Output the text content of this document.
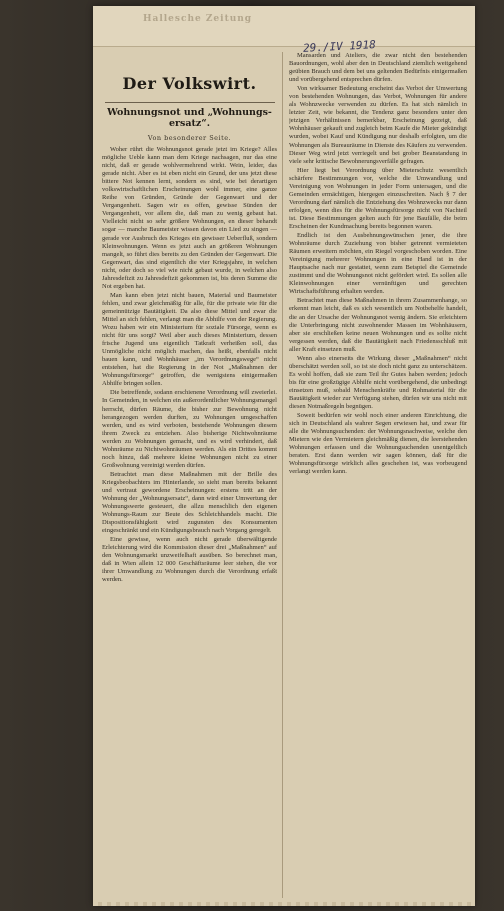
Hallesche Zeitung
29./IV 1918
Der Volkswirt.
Wohnungsnot und „Wohnungs-ersatz“.
Von besonderer Seite.

Woher rührt die Wohnungsnot gerade jetzt im Kriege? Alles mögliche Ueble kann man dem Kriege nachsagen, nur das eine nicht, daß er gerade wohlvermehrend wirkt. Wein, leider, das gerade nicht. Aber es ist eben nicht ein Grund, der uns jetzt diese bittere Not kennen lernt, sondern es sind, wie bei derartigen volkswirtschaftlichen Erscheinungen wohl immer, eine ganze Reihe von Gründen, Gründe der Gegenwart und der Vergangenheit. Sagen wir es offen, gewisse Sünden der Vergangenheit, vor allem die, daß man zu wenig gebaut hat. Vielleicht nicht so sehr größere Wohnungen, en dieser behandt sogar — manche Baumeister wissen davon ein Lied zu singen — gerade vor Ausbruch des Krieges ein gewisser Ueberfluß, sondern Kleinwohnungen. Wenn es jetzt auch an größeren Wohnungen mangelt, so führt dies bereits zu den Gründen der Gegenwart. Die Gegenwart, das sind eigentlich die vier Kriegsjahre, in welchen nicht, oder doch so viel wie nicht gebaut wurde, in welchen also Jahresdefizit zu Jahresdefizit gekommen ist, bis deren Summe die Not ergeben hat.

Man kann eben jetzt nicht bauen, Material und Baumeister fehlen, und zwar gleichmäßig für alle, für die private wie für die gemeinnützige Bautätigkeit. Da also diese Mittel und zwar die Mittel an sich fehlen, verlangt man die Abhilfe von der Regierung. Wozu haben wir ein Ministerium für soziale Fürsorge, wenn es nicht für uns sorgt? Weil aber auch dieses Ministerium, dessen frische Jugend uns eigentlich Tatkraft verheißen soll, das Unmögliche nicht möglich machen, das heißt, ebenfalls nicht bauen kann, und Wohnhäuser „im Verordnungswege“ nicht entstehen, hat die Regierung in der Not „Maßnahmen der Wohnungsfürsorge“ getroffen, die wenigstens einigermaßen Abhilfe bringen sollen.

Die betreffende, sodann erschienene Verordnung will zweierlei. In Gemeinden, in welchen ein außerordentlicher Wohnungsmangel herrscht, dürfen Räume, die bisher zur Bewohnung nicht herangezogen werden durften, zu Wohnungen umgeschaffen werden, und es wird verboten, bestehende Wohnungen diesem ihrem Zweck zu entziehen. Also bisherige Nichtwohnräume werden zu Wohnungen gemacht, und es wird verhindert, daß Wohnräume zu Nichtwohnräumen werden. Als ein Drittes kommt noch hinzu, daß mehrere kleine Wohnungen nicht zu einer Großwohnung vereinigt werden dürfen.

Betrachtet man diese Maßnahmen mit der Brille des Kriegsbeobachters im Hinterlande, so sieht man bereits bekannt und vertraut gewordene Erscheinungen: erstens tritt an der Wohnung der „Wohnungsersatz“, dann wird einer Umwertung der Wohnungswerte gesteuert, die allzu menschlich den eigenen Wohnungs-Raum zur Beute des Schleichhandels macht. Die Dispositionsfähigkeit wird zugunsten des Konsumenten eingeschränkt und ein Kündigungsbrauch nach Vorgang geregelt.

Eine gewisse, wenn auch nicht gerade überwältigende Erleichterung wird die Kommission dieser drei „Maßnahmen“ auf den Wohnungsmarkt unzweifelhaft ausüben. So berechnet man, daß in Wien allein 12 000 Geschäftsräume leer stehen, die vor ihrer Umwandlung zu Wohnungen durch die Verordnung erfaßt werden.

Mansarden und Ateliers, die zwar nicht den bestehenden Bauordnungen, wohl aber den in Deutschland ziemlich weitgehend geübten Brauch und dem bei uns geltenden Bedürfnis einigermaßen und vorübergehend entsprechen dürfen.

Von wirksamer Bedeutung erscheint das Verbot der Umwertung von bestehenden Wohnungen, das Verbot, Wohnungen für andere als Wohnzwecke verwenden zu dürfen. Es hat sich nämlich in letzter Zeit, wie bekannt, die Tendenz ganz besonders unter den jetzigen Verhältnissen bemerkbar, Erscheinung gezeigt, daß Wohnhäuser gekauft und zugleich beim Kaufe die Mieter gekündigt wurden, wobei Kauf und Kündigung nur deshalb erfolgten, um die Wohnungen als Bureauräume in Dienste des Käufers zu verwenden. Dieser Weg wird jetzt verriegelt und bei grober Beanstandung in viele sehr kritische Bewohnerungsverfälle gefragen.

Hier liegt bei Verordnung über Mieterschutz wesentlich schärfere Bestimmungen vor, welche die Umwandlung und Vereinigung von Wohnungen in jeder Form untersagen, und die Gemeinden ermächtigen, hiergegen einzuschreiten. Nach § 7 der Verordnung darf nämlich die Entziehung des Wohnzwecks nur dann erfolgen, wenn dies für die Wohnungsfürsorge nicht von Nachteil ist. Diese Bestimmungen gelten auch für jene Baufälle, die beim Erscheinen der Kundmachung bereits begonnen waren.

Endlich ist den Ausbehnungswünschen jener, die ihre Wohnräume durch Zuziehung von bisher getrennt vermieteten Räumen erweitern möchten, ein Riegel vorgeschoben worden. Eine Vereinigung mehrerer Wohnungen in eine Hand ist in der Hauptsache nach nur gestattet, wenn zum Beispiel die Gemeinde zustimmt und die Wohnungsnot nicht gefördert wird. Es sollen alle Kleinwohnungen einer vernünftigen und gerechten Wirtschaftsführung erhalten werden.

Betrachtet man diese Maßnahmen in ihrem Zusammenhange, so erkennt man leicht, daß es sich wesentlich um Notbehelfe handelt, die an der Ursache der Wohnungsnot wenig ändern. Sie erleichtern die Unterbringung nicht zuwohnender Massen im Wohnhäusern, aber sie erschließen keine neuen Wohnungen und es sollte nicht vergessen werden, daß die Bautätigkeit nach Friedensschluß mit aller Kraft einsetzen muß.

Wenn also einerseits die Wirkung dieser „Maßnahmen“ nicht überschätzt werden soll, so ist sie doch nicht ganz zu unterschätzen. Es wohl hoffen, daß sie zum Teil ihr Gutes haben werden; jedoch bis für eine großzügige Abhilfe nicht vorübergehend, die unbedingt einsetzen muß, sobald Menschenkräfte und Rohmaterial für die Bautätigkeit wieder zur Verfügung stehen, dürfen wir uns nicht mit diesen Notmaßregeln begnügen.

Soweit bedürfen wir wohl noch einer anderen Einrichtung, die sich in Deutschland als wahrer Segen erwiesen hat, und zwar für alle die Wohnungsuchenden: der Wohnungsnachweise, welche den Mietern wie den Vermietern gleichmäßig dienen, die leerstehenden Wohnungen erfassen und die Wohnungsuchenden unentgeltlich beraten. Erst dann werden wir sagen können, daß für die Wohnungsfürsorge wirklich alles geschehen ist, was vorbeugend verlangt werden kann.
